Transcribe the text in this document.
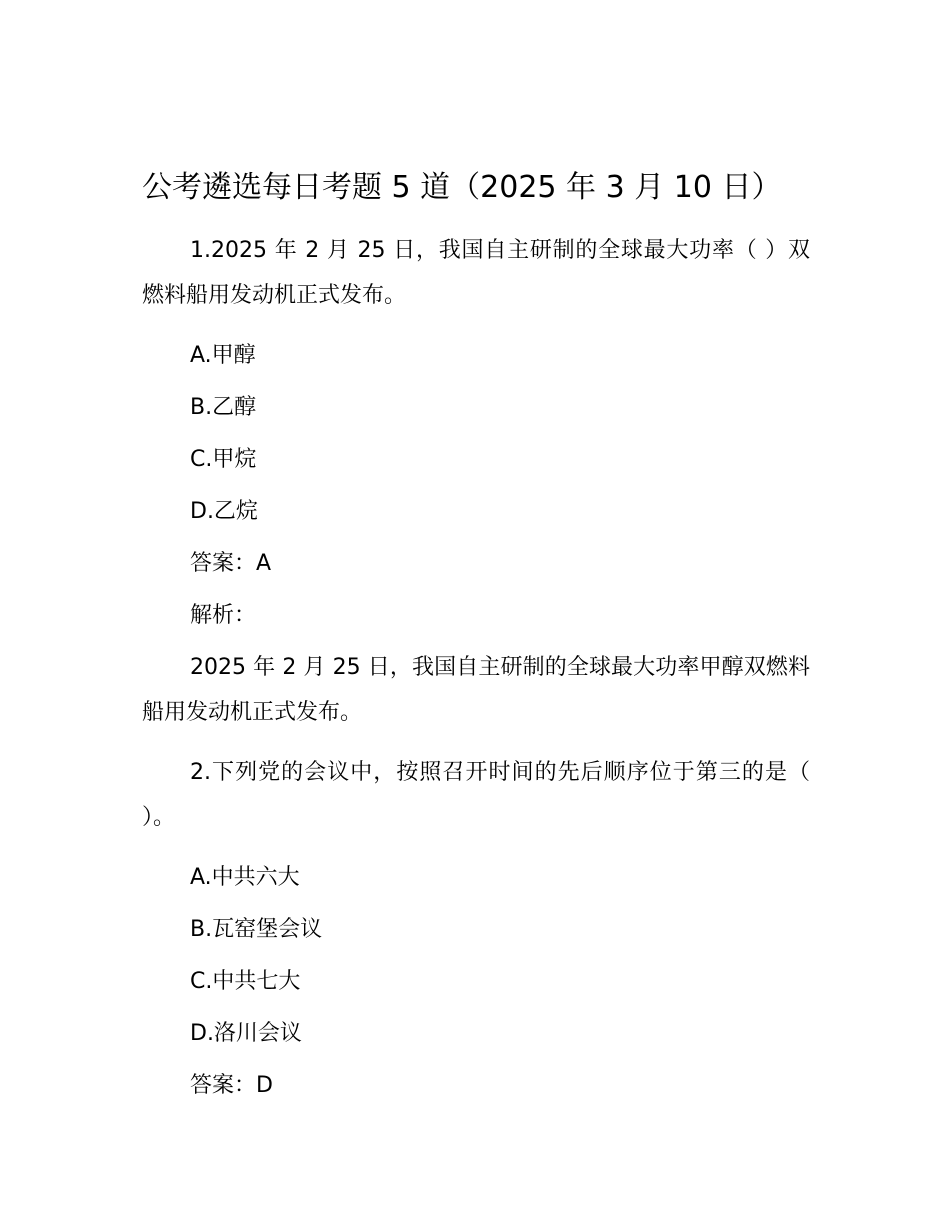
公考遴选每日考题 5 道（2025 年 3 月 10 日）

1.2025 年 2 月 25 日，我国自主研制的全球最大功率（ ）双燃料船用发动机正式发布。

A.甲醇

B.乙醇

C.甲烷

D.乙烷

答案：A

解析：

2025 年 2 月 25 日，我国自主研制的全球最大功率甲醇双燃料船用发动机正式发布。

2.下列党的会议中，按照召开时间的先后顺序位于第三的是（ ）。

A.中共六大

B.瓦窑堡会议

C.中共七大

D.洛川会议

答案：D
